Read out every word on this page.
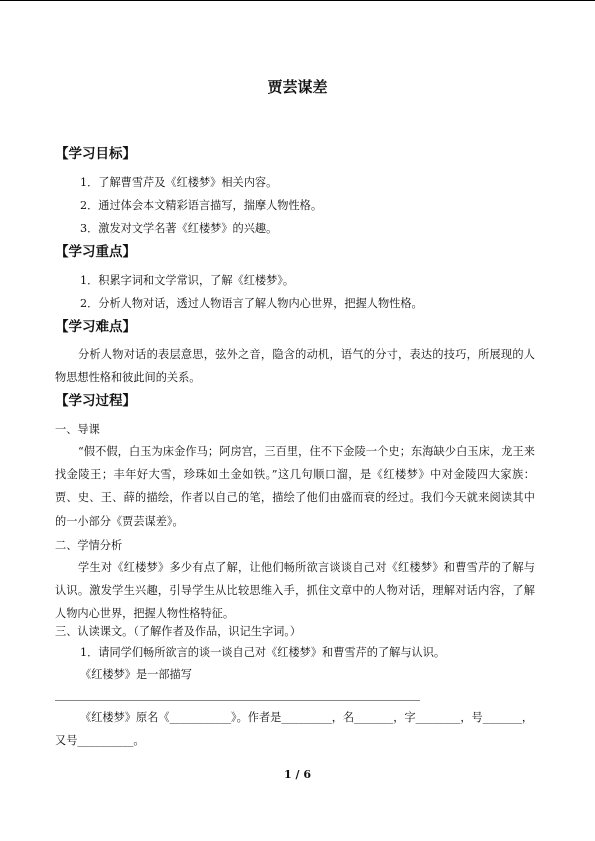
贾芸谋差
【学习目标】
1．了解曹雪芹及《红楼梦》相关内容。
2．通过体会本文精彩语言描写，揣摩人物性格。
3．激发对文学名著《红楼梦》的兴趣。
【学习重点】
1．积累字词和文学常识，了解《红楼梦》。
2．分析人物对话，透过人物语言了解人物内心世界，把握人物性格。
【学习难点】
分析人物对话的表层意思，弦外之音，隐含的动机，语气的分寸，表达的技巧，所展现的人物思想性格和彼此间的关系。
【学习过程】
一、导课
“假不假，白玉为床金作马；阿房宫，三百里，住不下金陵一个史；东海缺少白玉床，龙王来找金陵王；丰年好大雪，珍珠如土金如铁。”这几句顺口溜，是《红楼梦》中对金陵四大家族：贾、史、王、薛的描绘，作者以自己的笔，描绘了他们由盛而衰的经过。我们今天就来阅读其中的一小部分《贾芸谋差》。
二、学情分析
学生对《红楼梦》多少有点了解，让他们畅所欲言谈谈自己对《红楼梦》和曹雪芹的了解与认识。激发学生兴趣，引导学生从比较思维入手，抓住文章中的人物对话，理解对话内容，了解人物内心世界，把握人物性格特征。
三、认读课文。（了解作者及作品，识记生字词。）
1．请同学们畅所欲言的谈一谈自己对《红楼梦》和曹雪芹的了解与认识。
《红楼梦》是一部描写
《红楼梦》原名《___________》。作者是_________，名_______，字________，号_______，又号__________。
1 / 6
